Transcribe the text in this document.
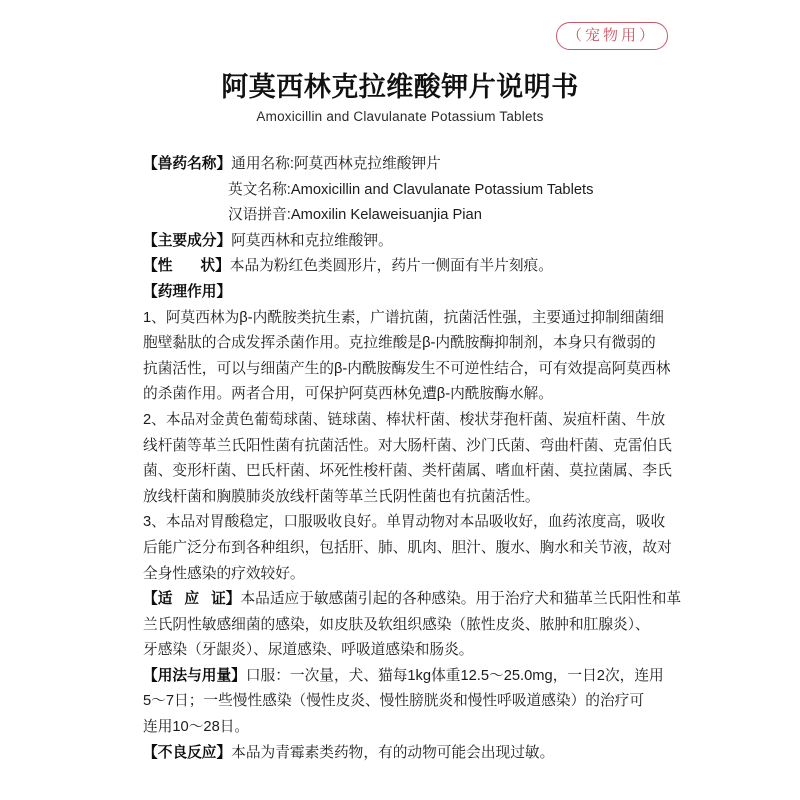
（宠物用）
阿莫西林克拉维酸钾片说明书
Amoxicillin and Clavulanate Potassium Tablets
【兽药名称】通用名称:阿莫西林克拉维酸钾片
英文名称:Amoxicillin and Clavulanate Potassium Tablets
汉语拼音:Amoxilin Kelaweisuanjia Pian
【主要成分】阿莫西林和克拉维酸钾。
【性 状】本品为粉红色类圆形片，药片一侧面有半片刻痕。
【药理作用】
1、阿莫西林为β-内酰胺类抗生素，广谱抗菌，抗菌活性强，主要通过抑制细菌细
胞壁黏肽的合成发挥杀菌作用。克拉维酸是β-内酰胺酶抑制剂，本身只有微弱的
抗菌活性，可以与细菌产生的β-内酰胺酶发生不可逆性结合，可有效提高阿莫西林
的杀菌作用。两者合用，可保护阿莫西林免遭β-内酰胺酶水解。
2、本品对金黄色葡萄球菌、链球菌、棒状杆菌、梭状芽孢杆菌、炭疽杆菌、牛放
线杆菌等革兰氏阳性菌有抗菌活性。对大肠杆菌、沙门氏菌、弯曲杆菌、克雷伯氏
菌、变形杆菌、巴氏杆菌、坏死性梭杆菌、类杆菌属、嗜血杆菌、莫拉菌属、李氏
放线杆菌和胸膜肺炎放线杆菌等革兰氏阴性菌也有抗菌活性。
3、本品对胃酸稳定，口服吸收良好。单胃动物对本品吸收好，血药浓度高，吸收
后能广泛分布到各种组织，包括肝、肺、肌肉、胆汁、腹水、胸水和关节液，故对
全身性感染的疗效较好。
【适 应 证】本品适应于敏感菌引起的各种感染。用于治疗犬和猫革兰氏阳性和革
兰氏阴性敏感细菌的感染，如皮肤及软组织感染（脓性皮炎、脓肿和肛腺炎）、
牙感染（牙龈炎）、尿道感染、呼吸道感染和肠炎。
【用法与用量】口服：一次量，犬、猫每1kg体重12.5～25.0mg，一日2次，连用
5～7日；一些慢性感染（慢性皮炎、慢性膀胱炎和慢性呼吸道感染）的治疗可
连用10～28日。
【不良反应】本品为青霉素类药物，有的动物可能会出现过敏。
